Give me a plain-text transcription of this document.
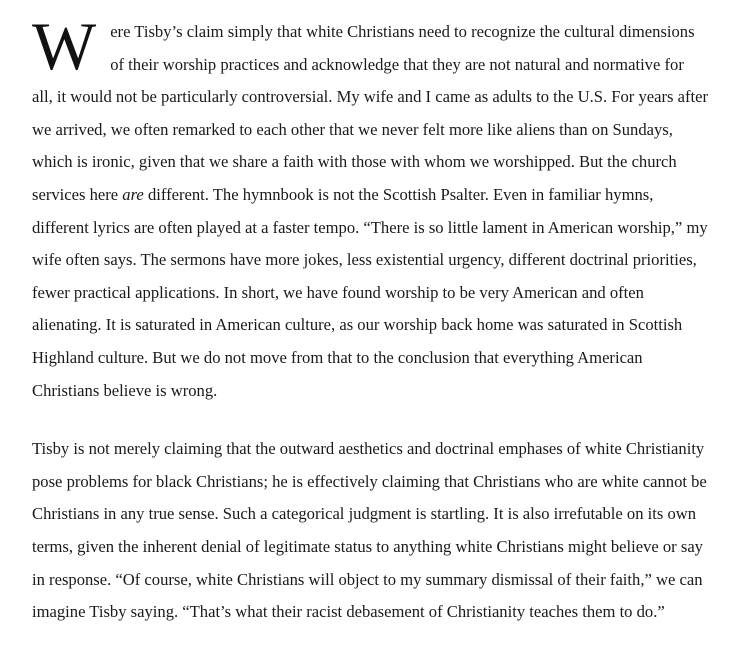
Were Tisby’s claim simply that white Christians need to recognize the cultural dimensions of their worship practices and acknowledge that they are not natural and normative for all, it would not be particularly controversial. My wife and I came as adults to the U.S. For years after we arrived, we often remarked to each other that we never felt more like aliens than on Sundays, which is ironic, given that we share a faith with those with whom we worshipped. But the church services here are different. The hymnbook is not the Scottish Psalter. Even in familiar hymns, different lyrics are often played at a faster tempo. “There is so little lament in American worship,” my wife often says. The sermons have more jokes, less existential urgency, different doctrinal priorities, fewer practical applications. In short, we have found worship to be very American and often alienating. It is saturated in American culture, as our worship back home was saturated in Scottish Highland culture. But we do not move from that to the conclusion that everything American Christians believe is wrong.

Tisby is not merely claiming that the outward aesthetics and doctrinal emphases of white Christianity pose problems for black Christians; he is effectively claiming that Christians who are white cannot be Christians in any true sense. Such a categorical judgment is startling. It is also irrefutable on its own terms, given the inherent denial of legitimate status to anything white Christians might believe or say in response. “Of course, white Christians will object to my summary dismissal of their faith,” we can imagine Tisby saying. “That’s what their racist debasement of Christianity teaches them to do.”
